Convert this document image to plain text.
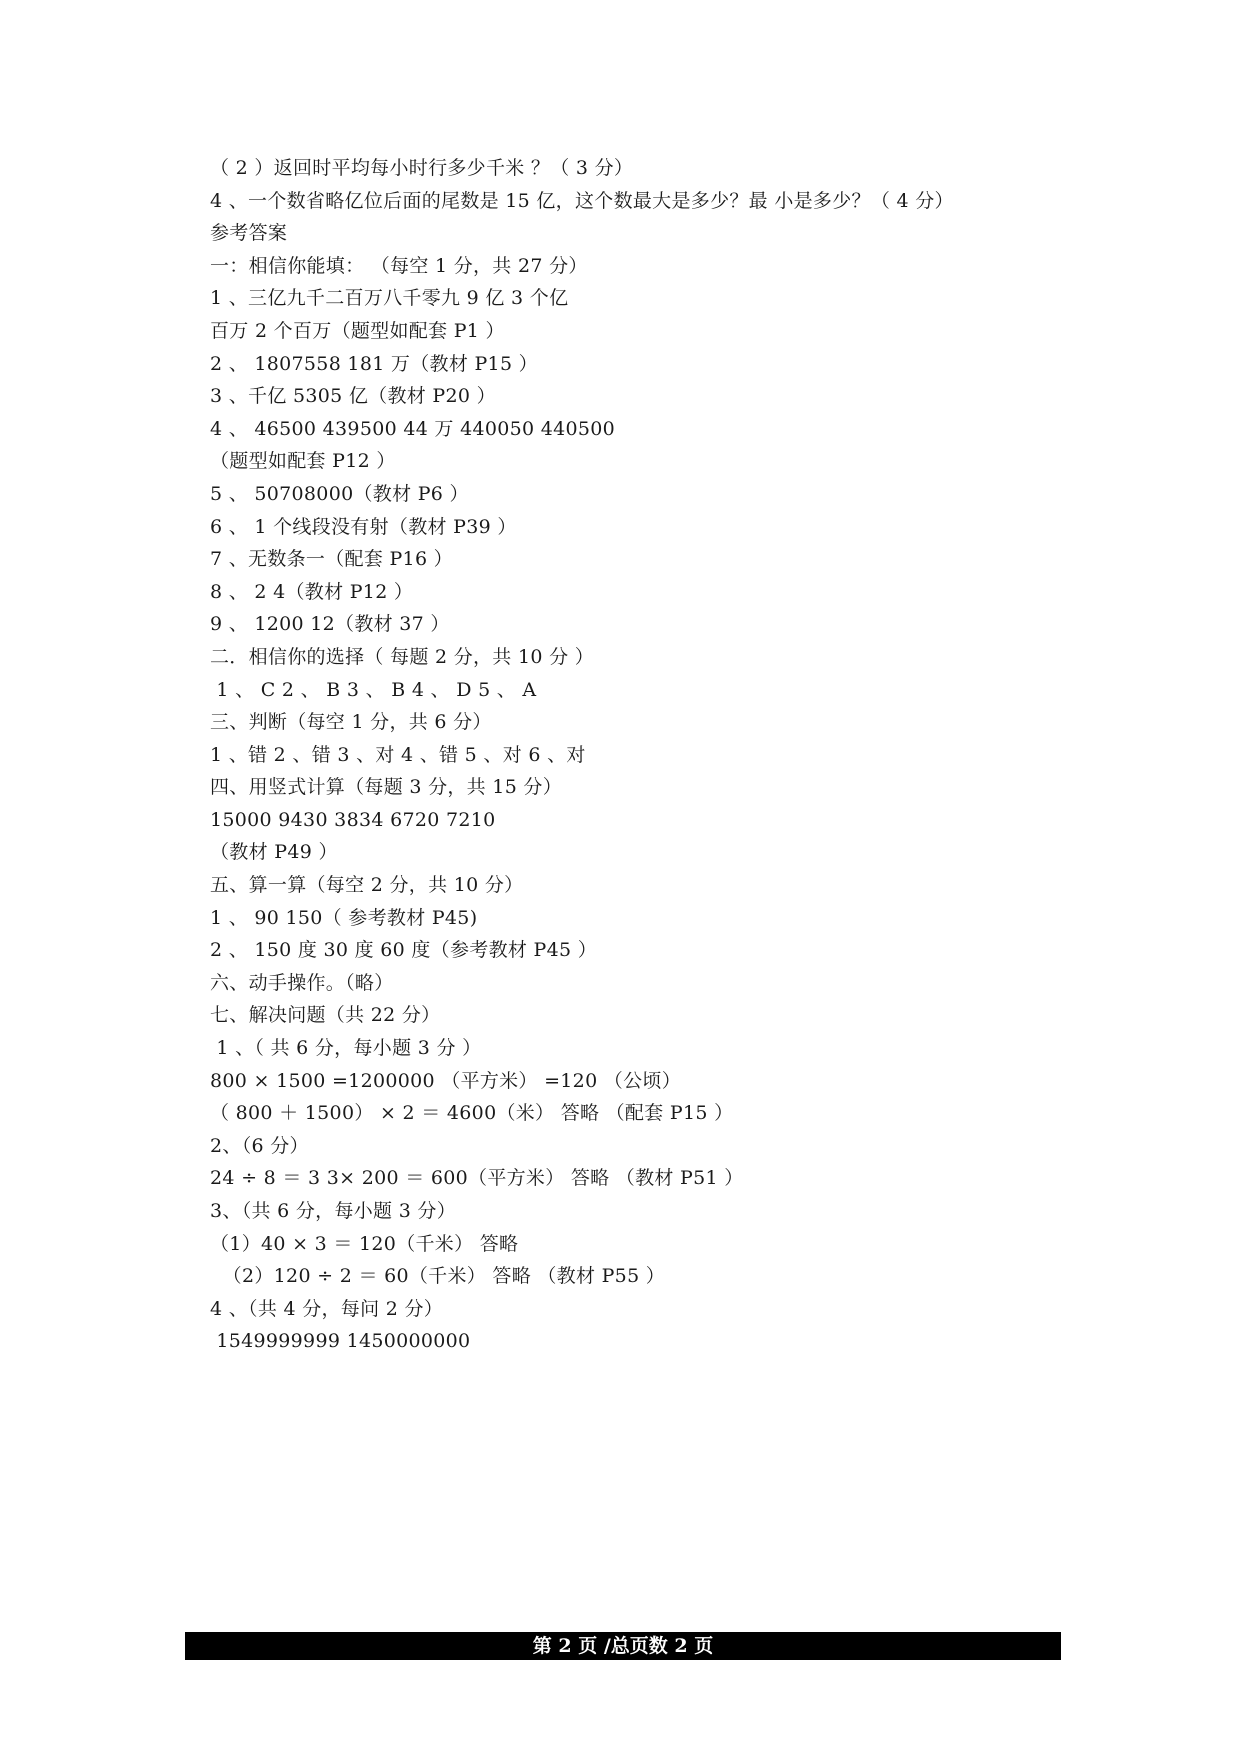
（ 2 ）返回时平均每小时行多少千米 ？（ 3 分）
4 、一个数省略亿位后面的尾数是 15 亿，这个数最大是多少？最 小是多少？（ 4 分）
参考答案
一：相信你能填： （每空 1 分，共 27 分）
1 、三亿九千二百万八千零九 9 亿 3 个亿
百万 2 个百万（题型如配套 P1 ）
2 、 1807558 181 万（教材 P15 ）
3 、千亿 5305 亿（教材 P20 ）
4 、 46500 439500 44 万 440050 440500
（题型如配套 P12 ）
5 、 50708000（教材 P6 ）
6 、 1 个线段没有射（教材 P39 ）
7 、无数条一（配套 P16 ）
8 、 2 4（教材 P12 ）
9 、 1200 12（教材 37 ）
二．相信你的选择（ 每题 2 分，共 10 分 ）
1 、 C 2 、 B 3 、 B 4 、 D 5 、 A
三、判断（每空 1 分，共 6 分）
1 、错 2 、错 3 、对 4 、错 5 、对 6 、对
四、用竖式计算（每题 3 分，共 15 分）
15000 9430 3834 6720 7210
（教材 P49 ）
五、算一算（每空 2 分，共 10 分）
1 、 90 150（ 参考教材 P45)
2 、 150 度 30 度 60 度（参考教材 P45 ）
六、动手操作。（略）
七、解决问题（共 22 分）
1 、（ 共 6 分，每小题 3 分 ）
800 × 1500 =1200000 （平方米） =120 （公顷）
（ 800 ＋ 1500） × 2 ＝ 4600（米） 答略 （配套 P15 ）
2、（6 分）
24 ÷ 8 ＝ 3 3× 200 ＝ 600（平方米） 答略 （教材 P51 ）
3、（共 6 分，每小题 3 分）
（1）40 × 3 ＝ 120（千米） 答略
（2）120 ÷ 2 ＝ 60（千米） 答略 （教材 P55 ）
4 、（共 4 分，每问 2 分）
1549999999 1450000000
第 2 页 /总页数 2 页
